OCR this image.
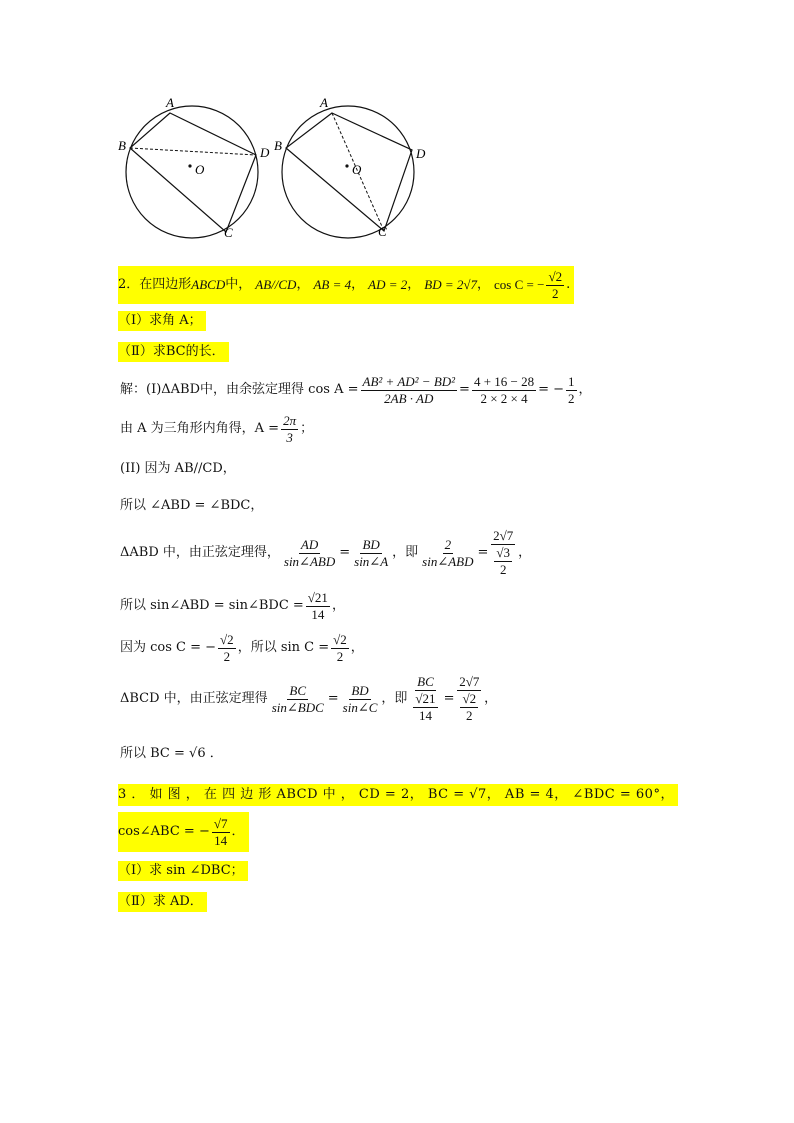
A
B
C
D
O
A
B
C
D
O
2． 在四边形 ABCD 中， AB//CD ， AB = 4 ， AD = 2 ， BD = 2√7 ， cos C = − $\frac{√2}{2}$ .
（Ⅰ）求角 A；
（Ⅱ）求BC的长．
解：(I)ΔABD中，由余弦定理得 $\cos A = \frac{\text{AB² + AD² − BD²}}{2AB \cdot AD} = \frac{4 + 16 - 28}{2 \times 2 \times 4}$ = − $\frac{1}{2}$ ，
由 A 为三角形内角得，$A = \frac{2\pi}{3}$ ；
(II) 因为 AB//CD，
所以 ∠ABD = ∠BDC，
ΔABD 中，由正弦定理得， $\frac{AD}{\text{sin∠ABD}} = \frac{BD}{\sin\angle A}$ ，即 $\frac{2}{\text{sin∠ABD}} = \frac{2√7}{\frac{√3}{2}}$ ，
所以 sin∠ABD = sin∠BDC = $\frac{√21}{14}$ ，
因为 cos C = − $\frac{√2}{2}$ ，所以 $\sin C = \frac{√2}{2}$ ，
ΔBCD 中，由正弦定理得 $\frac{BC}{\text{sin∠BDC}} = \frac{BD}{\sin\angle C}$ ，即 $\frac{BC}{\frac{√21}{14}} = \frac{2√7}{\frac{√2}{2}}$ ，
所以 BC = √6 ．
3 ． 如 图 ， 在 四 边 形 ABCD 中 ， CD = 2， BC = √7， AB = 4， ∠BDC = 60°，
cos∠ABC = − $\frac{√7}{14}$ ．
（Ⅰ）求 sin ∠DBC；
（Ⅱ）求 AD．
